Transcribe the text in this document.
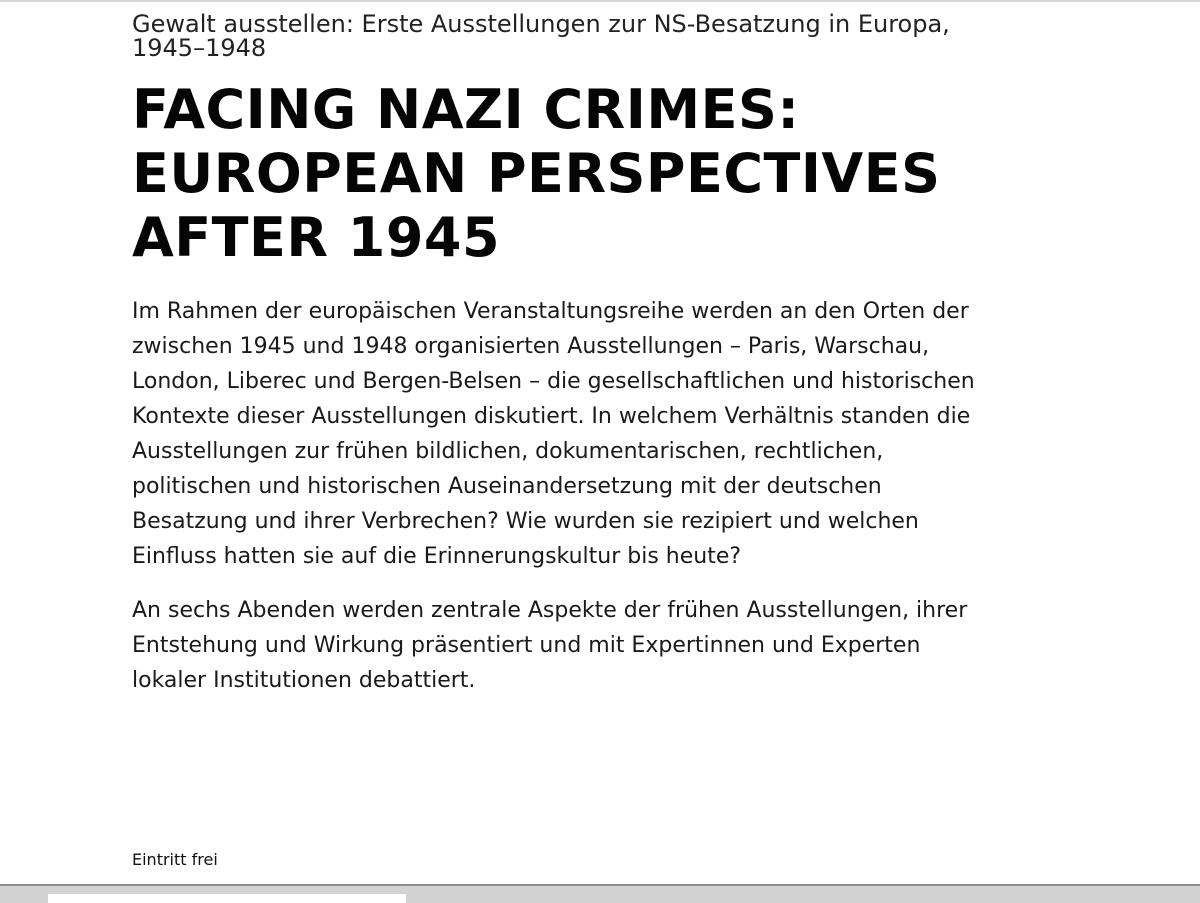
Gewalt ausstellen: Erste Ausstellungen zur NS-Besatzung in Europa, 1945–1948

FACING NAZI CRIMES: EUROPEAN PERSPECTIVES AFTER 1945

Im Rahmen der europäischen Veranstaltungsreihe werden an den Orten der zwischen 1945 und 1948 organisierten Ausstellungen – Paris, Warschau, London, Liberec und Bergen-Belsen – die gesellschaftlichen und historischen Kontexte dieser Ausstellungen diskutiert. In welchem Verhältnis standen die Ausstellungen zur frühen bildlichen, dokumentarischen, rechtlichen, politischen und historischen Auseinandersetzung mit der deutschen Besatzung und ihrer Verbrechen? Wie wurden sie rezipiert und welchen Einfluss hatten sie auf die Erinnerungskultur bis heute?

An sechs Abenden werden zentrale Aspekte der frühen Ausstellungen, ihrer Entstehung und Wirkung präsentiert und mit Expertinnen und Experten lokaler Institutionen debattiert.

Eintritt frei
